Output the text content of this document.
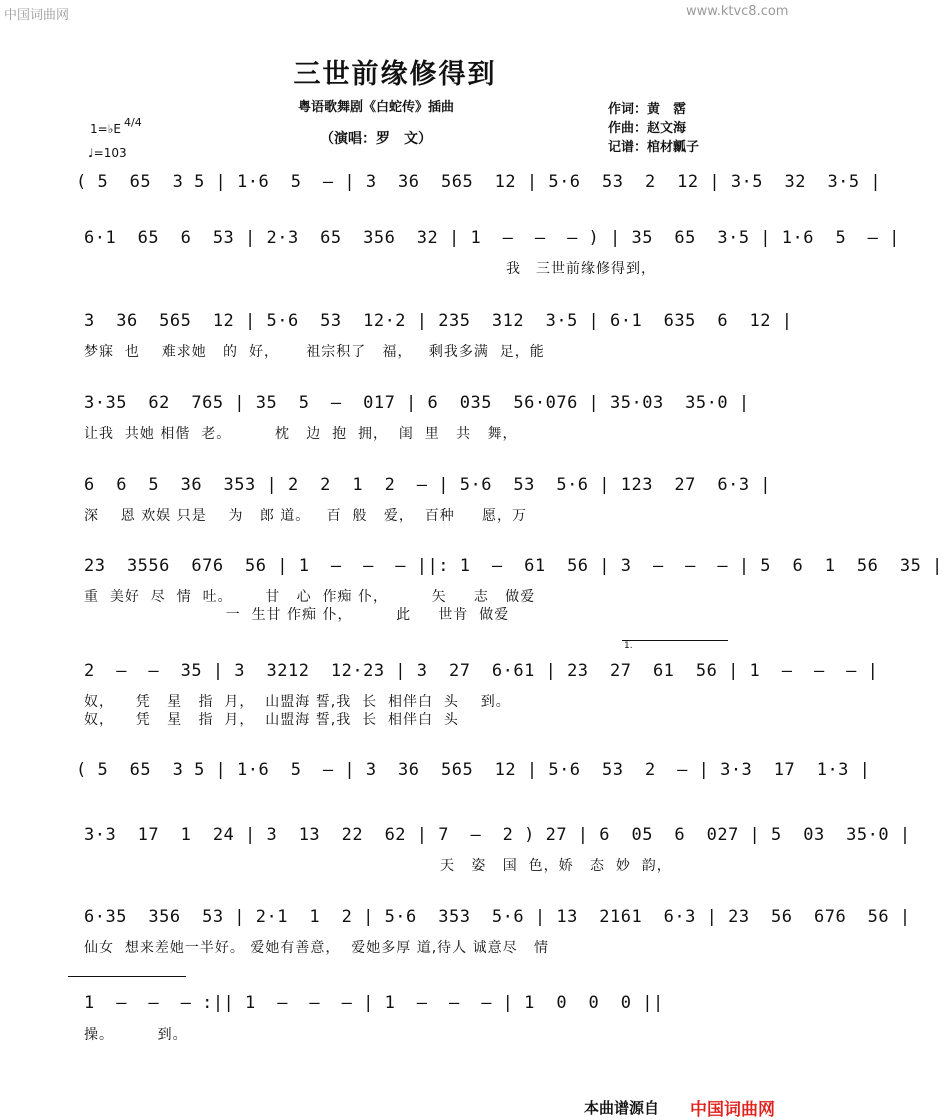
中国词曲网	www.ktvc8.com
三世前缘修得到
粤语歌舞剧《白蛇传》插曲
（演唱：罗　文）
作词：黄　霑
作曲：赵文海
记谱：棺材瓤子
1=♭E 4/4
♩=103
( 5  65  3 5 | 1·6  5  – | 3  36  565  12 | 5·6  53  2  12 | 3·5  32  3·5 |
6·1  65  6  53 | 2·3  65  356  32 | 1  –  –  – ) | 35  65  3·5 | 1·6  5  – |
我　三世前缘修得到，
3  36  565  12 | 5·6  53  12·2 | 235  312  3·5 | 6·1  635  6  12 |
梦寐  也    难求她   的  好，     祖宗积了   福，   剩我多满  足，能
3·35  62  765 | 35  5  –  017 | 6  035  56·076 | 35·03  35·0 |
让我  共她 相偕  老。        枕   边  抱  拥，  闺  里   共   舞，
6  6  5  36  353 | 2  2  1  2  – | 5·6  53  5·6 | 123  27  6·3 |
深    恩 欢娱 只是    为   郎 道。   百  般   爱，  百种     愿，万
23  3556  676  56 | 1  –  –  – ||: 1  –  61  56 | 3  –  –  – | 5  6  1  56  35 |
重  美好  尽  情  吐。      甘   心  作痴 仆，        矢     志   做爱
一  生甘 作痴 仆，        此     世肯  做爱
1.
2  –  –  35 | 3  3212  12·23 | 3  27  6·61 | 23  27  61  56 | 1  –  –  – |
奴，    凭   星   指  月，  山盟海 誓,我  长  相伴白  头    到。
奴，    凭   星   指  月，  山盟海 誓,我  长  相伴白  头
( 5  65  3 5 | 1·6  5  – | 3  36  565  12 | 5·6  53  2  – | 3·3  17  1·3 |
3·3  17  1  24 | 3  13  22  62 | 7  –  2 ) 27 | 6  05  6  027 | 5  03  35·0 |
天   姿   国  色，娇   态  妙  韵，
6·35  356  53 | 2·1  1  2 | 5·6  353  5·6 | 13  2161  6·3 | 23  56  676  56 |
仙女  想来差她一半好。 爱她有善意，  爱她多厚 道,待人 诚意尽   情
1  –  –  – :|| 1  –  –  – | 1  –  –  – | 1  0  0  0 ||
操。        到。
本曲谱源自 中国词曲网
